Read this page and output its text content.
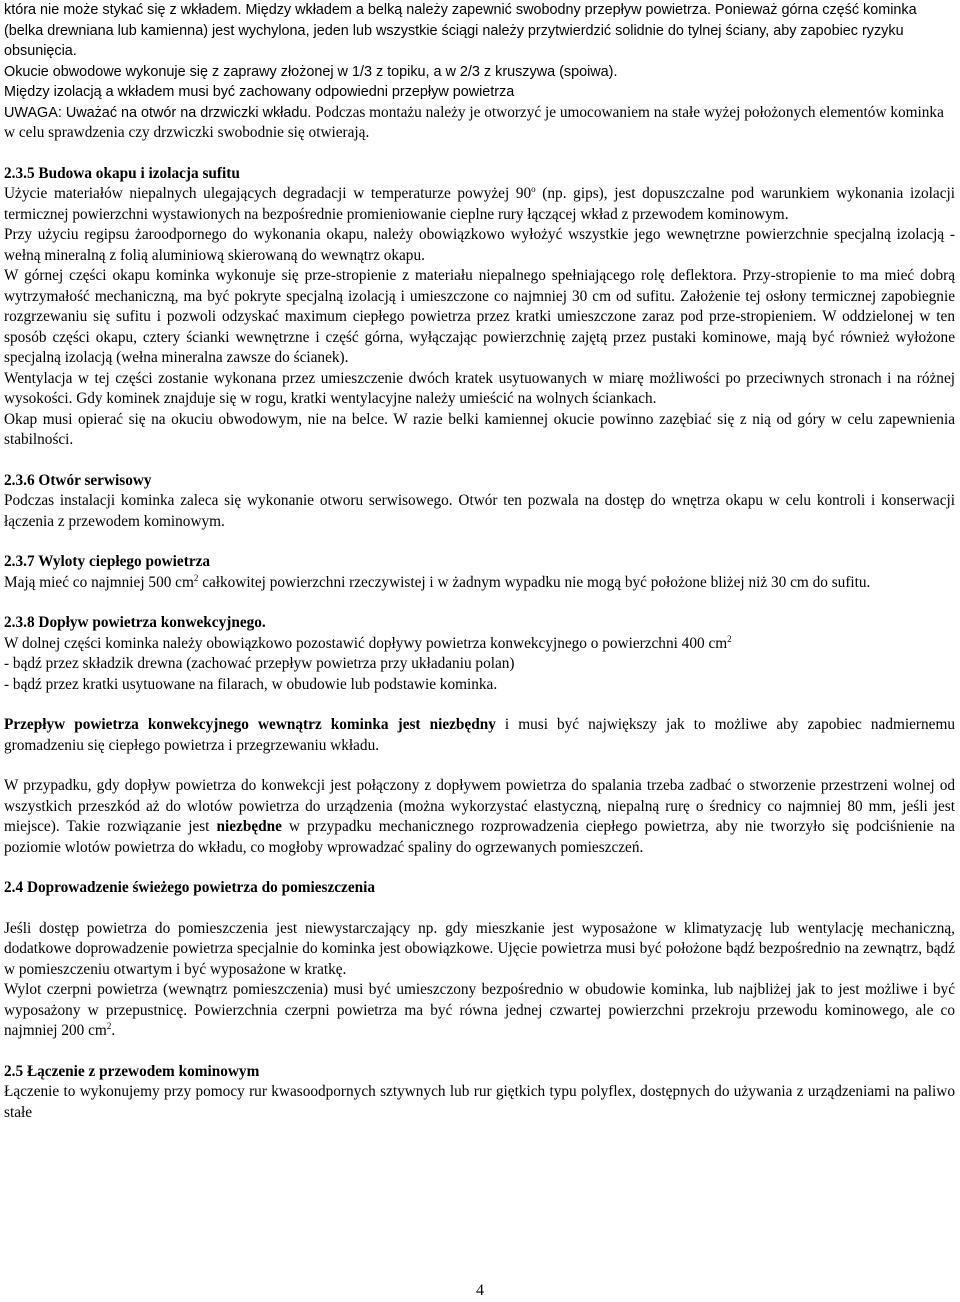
która nie może stykać się z wkładem. Między wkładem a belką należy zapewnić swobodny przepływ powietrza. Ponieważ górna część kominka (belka drewniana lub kamienna) jest wychylona, jeden lub wszystkie ściągi należy przytwierdzić solidnie do tylnej ściany, aby zapobiec ryzyku obsunięcia.

Okucie obwodowe wykonuje się z zaprawy złożonej w 1/3 z topiku, a w 2/3 z kruszywa (spoiwa).

Między izolacją a wkładem musi być zachowany odpowiedni przepływ powietrza

UWAGA: Uważać na otwór na drzwiczki wkładu. Podczas montażu należy je otworzyć je umocowaniem na stałe wyżej położonych elementów kominka w celu sprawdzenia czy drzwiczki swobodnie się otwierają.

2.3.5 Budowa okapu i izolacja sufitu

Użycie materiałów niepalnych ulegających degradacji w temperaturze powyżej 90$^o$ (np. gips), jest dopuszczalne pod warunkiem wykonania izolacji termicznej powierzchni wystawionych na bezpośrednie promieniowanie cieplne rury łączącej wkład z przewodem kominowym.

Przy użyciu regipsu żaroodpornego do wykonania okapu, należy obowiązkowo wyłożyć wszystkie jego wewnętrzne powierzchnie specjalną izolacją - wełną mineralną z folią aluminiową skierowaną do wewnątrz okapu.

W górnej części okapu kominka wykonuje się prze-stropienie z materiału niepalnego spełniającego rolę deflektora. Przy-stropienie to ma mieć dobrą wytrzymałość mechaniczną, ma być pokryte specjalną izolacją i umieszczone co najmniej 30 cm od sufitu. Założenie tej osłony termicznej zapobiegnie rozgrzewaniu się sufitu i pozwoli odzyskać maximum ciepłego powietrza przez kratki umieszczone zaraz pod prze-stropieniem. W oddzielonej w ten sposób części okapu, cztery ścianki wewnętrzne i część górna, wyłączając powierzchnię zajętą przez pustaki kominowe, mają być również wyłożone specjalną izolacją (wełna mineralna zawsze do ścianek).

Wentylacja w tej części zostanie wykonana przez umieszczenie dwóch kratek usytuowanych w miarę możliwości po przeciwnych stronach i na różnej wysokości. Gdy kominek znajduje się w rogu, kratki wentylacyjne należy umieścić na wolnych ściankach.

Okap musi opierać się na okuciu obwodowym, nie na belce. W razie belki kamiennej okucie powinno zazębiać się z nią od góry w celu zapewnienia stabilności.

2.3.6 Otwór serwisowy

Podczas instalacji kominka zaleca się wykonanie otworu serwisowego. Otwór ten pozwala na dostęp do wnętrza okapu w celu kontroli i konserwacji łączenia z przewodem kominowym.

2.3.7 Wyloty ciepłego powietrza

Mają mieć co najmniej 500 $cm^2$ całkowitej powierzchni rzeczywistej i w żadnym wypadku nie mogą być położone bliżej niż 30 cm do sufitu.

2.3.8 Dopływ powietrza konwekcyjnego.

W dolnej części kominka należy obowiązkowo pozostawić dopływy powietrza konwekcyjnego o powierzchni 400 $cm^2$

- bądź przez składzik drewna (zachować przepływ powietrza przy układaniu polan)

- bądź przez kratki usytuowane na filarach, w obudowie lub podstawie kominka.

Przepływ powietrza konwekcyjnego wewnątrz kominka jest niezbędny i musi być największy jak to możliwe aby zapobiec nadmiernemu gromadzeniu się ciepłego powietrza i przegrzewaniu wkładu.

W przypadku, gdy dopływ powietrza do konwekcji jest połączony z dopływem powietrza do spalania trzeba zadbać o stworzenie przestrzeni wolnej od wszystkich przeszkód aż do wlotów powietrza do urządzenia (można wykorzystać elastyczną, niepalną rurę o średnicy co najmniej 80 mm, jeśli jest miejsce). Takie rozwiązanie jest niezbędne w przypadku mechanicznego rozprowadzenia ciepłego powietrza, aby nie tworzyło się podciśnienie na poziomie wlotów powietrza do wkładu, co mogłoby wprowadzać spaliny do ogrzewanych pomieszczeń.

2.4 Doprowadzenie świeżego powietrza do pomieszczenia

Jeśli dostęp powietrza do pomieszczenia jest niewystarczający np. gdy mieszkanie jest wyposażone w klimatyzację lub wentylację mechaniczną, dodatkowe doprowadzenie powietrza specjalnie do kominka jest obowiązkowe. Ujęcie powietrza musi być położone bądź bezpośrednio na zewnątrz, bądź w pomieszczeniu otwartym i być wyposażone w kratkę.

Wylot czerpni powietrza (wewnątrz pomieszczenia) musi być umieszczony bezpośrednio w obudowie kominka, lub najbliżej jak to jest możliwe i być wyposażony w przepustnicę. Powierzchnia czerpni powietrza ma być równa jednej czwartej powierzchni przekroju przewodu kominowego, ale co najmniej 200 $cm^2$.

2.5 Łączenie z przewodem kominowym

Łączenie to wykonujemy przy pomocy rur kwasoodpornych sztywnych lub rur giętkich typu polyflex, dostępnych do używania z urządzeniami na paliwo stałe

4
